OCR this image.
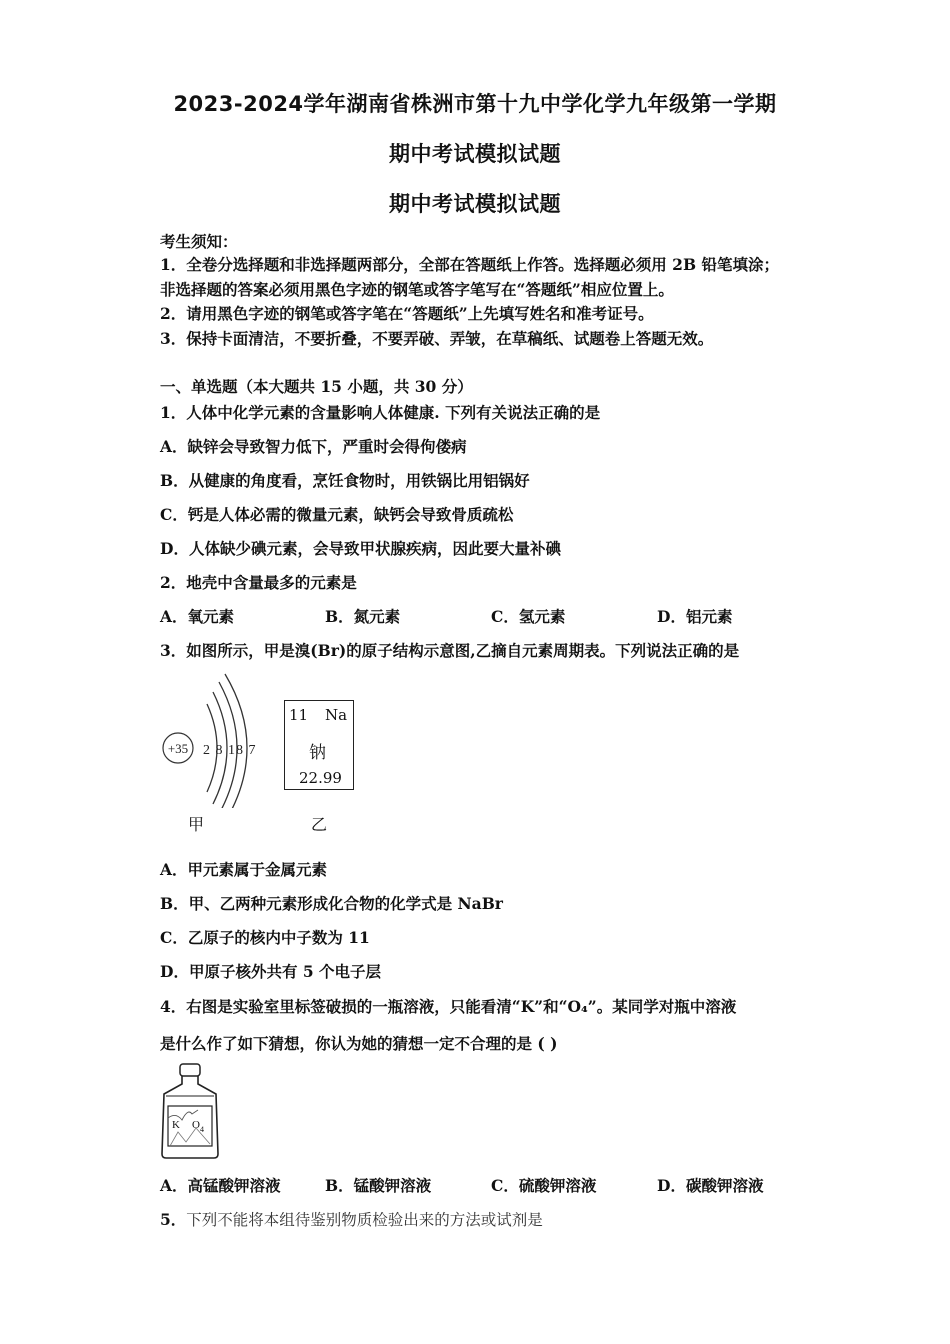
2023-2024学年湖南省株洲市第十九中学化学九年级第一学期
期中考试模拟试题
期中考试模拟试题
考生须知：
1．全卷分选择题和非选择题两部分，全部在答题纸上作答。选择题必须用 2B 铅笔填涂；
非选择题的答案必须用黑色字迹的钢笔或答字笔写在“答题纸”相应位置上。
2．请用黑色字迹的钢笔或答字笔在“答题纸”上先填写姓名和准考证号。
3．保持卡面清洁，不要折叠，不要弄破、弄皱，在草稿纸、试题卷上答题无效。
一、单选题（本大题共 15 小题，共 30 分）
1．人体中化学元素的含量影响人体健康. 下列有关说法正确的是
A．缺锌会导致智力低下，严重时会得佝偻病
B．从健康的角度看，烹饪食物时，用铁锅比用铝锅好
C．钙是人体必需的微量元素，缺钙会导致骨质疏松
D．人体缺少碘元素，会导致甲状腺疾病，因此要大量补碘
2．地壳中含量最多的元素是
A．氧元素	B．氮元素	C．氢元素	D．铝元素
3．如图所示，甲是溴(Br)的原子结构示意图,乙摘自元素周期表。下列说法正确的是
+35 2 8 18 7
甲
11 Na
钠
22.99
乙
A．甲元素属于金属元素
B．甲、乙两种元素形成化合物的化学式是 NaBr
C．乙原子的核内中子数为 11
D．甲原子核外共有 5 个电子层
4．右图是实验室里标签破损的一瓶溶液，只能看清“K”和“O₄”。某同学对瓶中溶液
是什么作了如下猜想，你认为她的猜想一定不合理的是 ( )
K O 4
A．高锰酸钾溶液	B．锰酸钾溶液	C．硫酸钾溶液	D．碳酸钾溶液
5．下列不能将本组待鉴别物质检验出来的方法或试剂是
